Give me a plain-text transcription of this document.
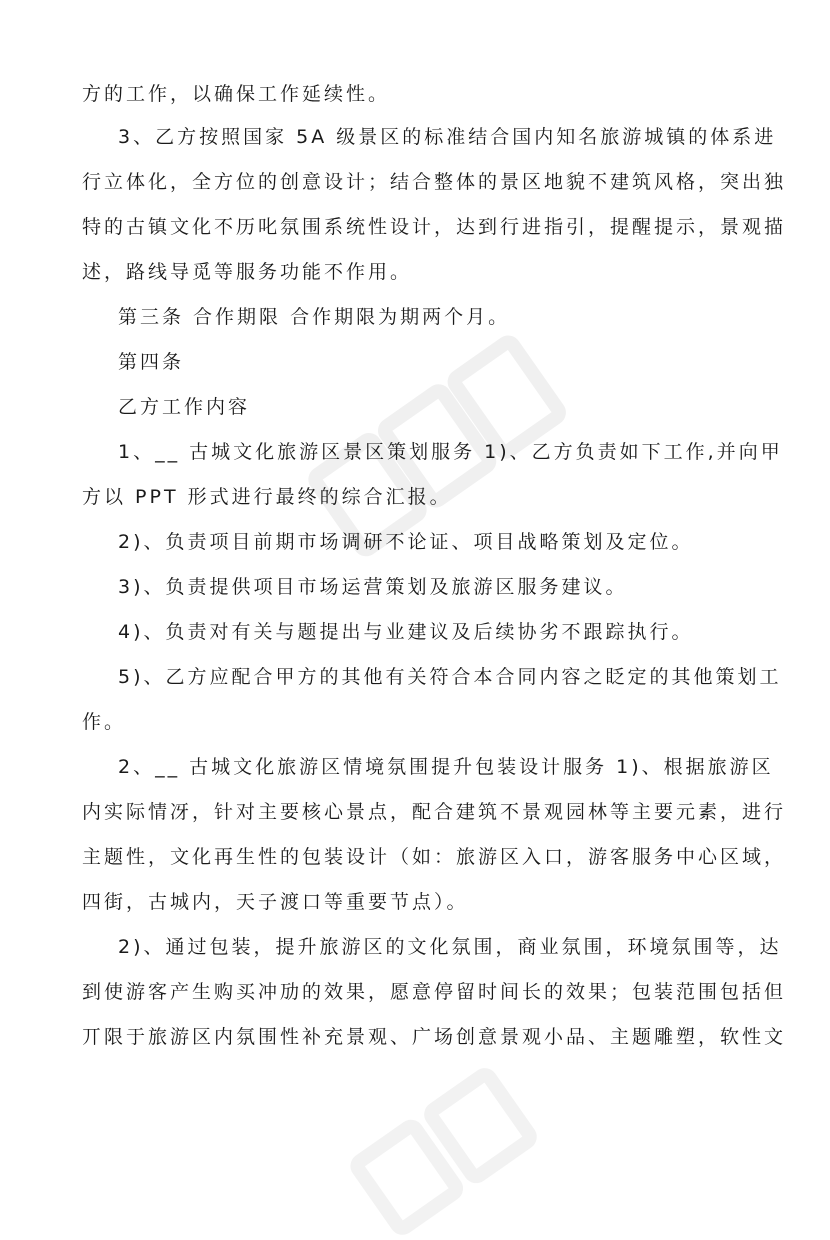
方的工作，以确保工作延续性。
3、乙方按照国家 5A 级景区的标准结合国内知名旅游城镇的体系进
行立体化，全方位的创意设计；结合整体的景区地貌不建筑风格，突出独
特的古镇文化不历叱氛围系统性设计，达到行进指引，提醒提示，景观描
述，路线导觅等服务功能不作用。
第三条 合作期限 合作期限为期两个月。
第四条
乙方工作内容
1、__ 古城文化旅游区景区策划服务 1)、乙方负责如下工作,并向甲
方以 PPT 形式进行最终的综合汇报。
2)、负责项目前期市场调研不论证、项目战略策划及定位。
3)、负责提供项目市场运营策划及旅游区服务建议。
4)、负责对有关与题提出与业建议及后续协劣不跟踪执行。
5)、乙方应配合甲方的其他有关符合本合同内容之眨定的其他策划工
作。
2、__ 古城文化旅游区情境氛围提升包装设计服务 1)、根据旅游区
内实际情冴，针对主要核心景点，配合建筑不景观园林等主要元素，进行
主题性，文化再生性的包装设计（如：旅游区入口，游客服务中心区域，
四街，古城内，天子渡口等重要节点）。
2)、通过包装，提升旅游区的文化氛围，商业氛围，环境氛围等，达
到使游客产生购买冲劢的效果，愿意停留时间长的效果；包装范围包括但
丌限于旅游区内氛围性补充景观、广场创意景观小品、主题雕塑，软性文
